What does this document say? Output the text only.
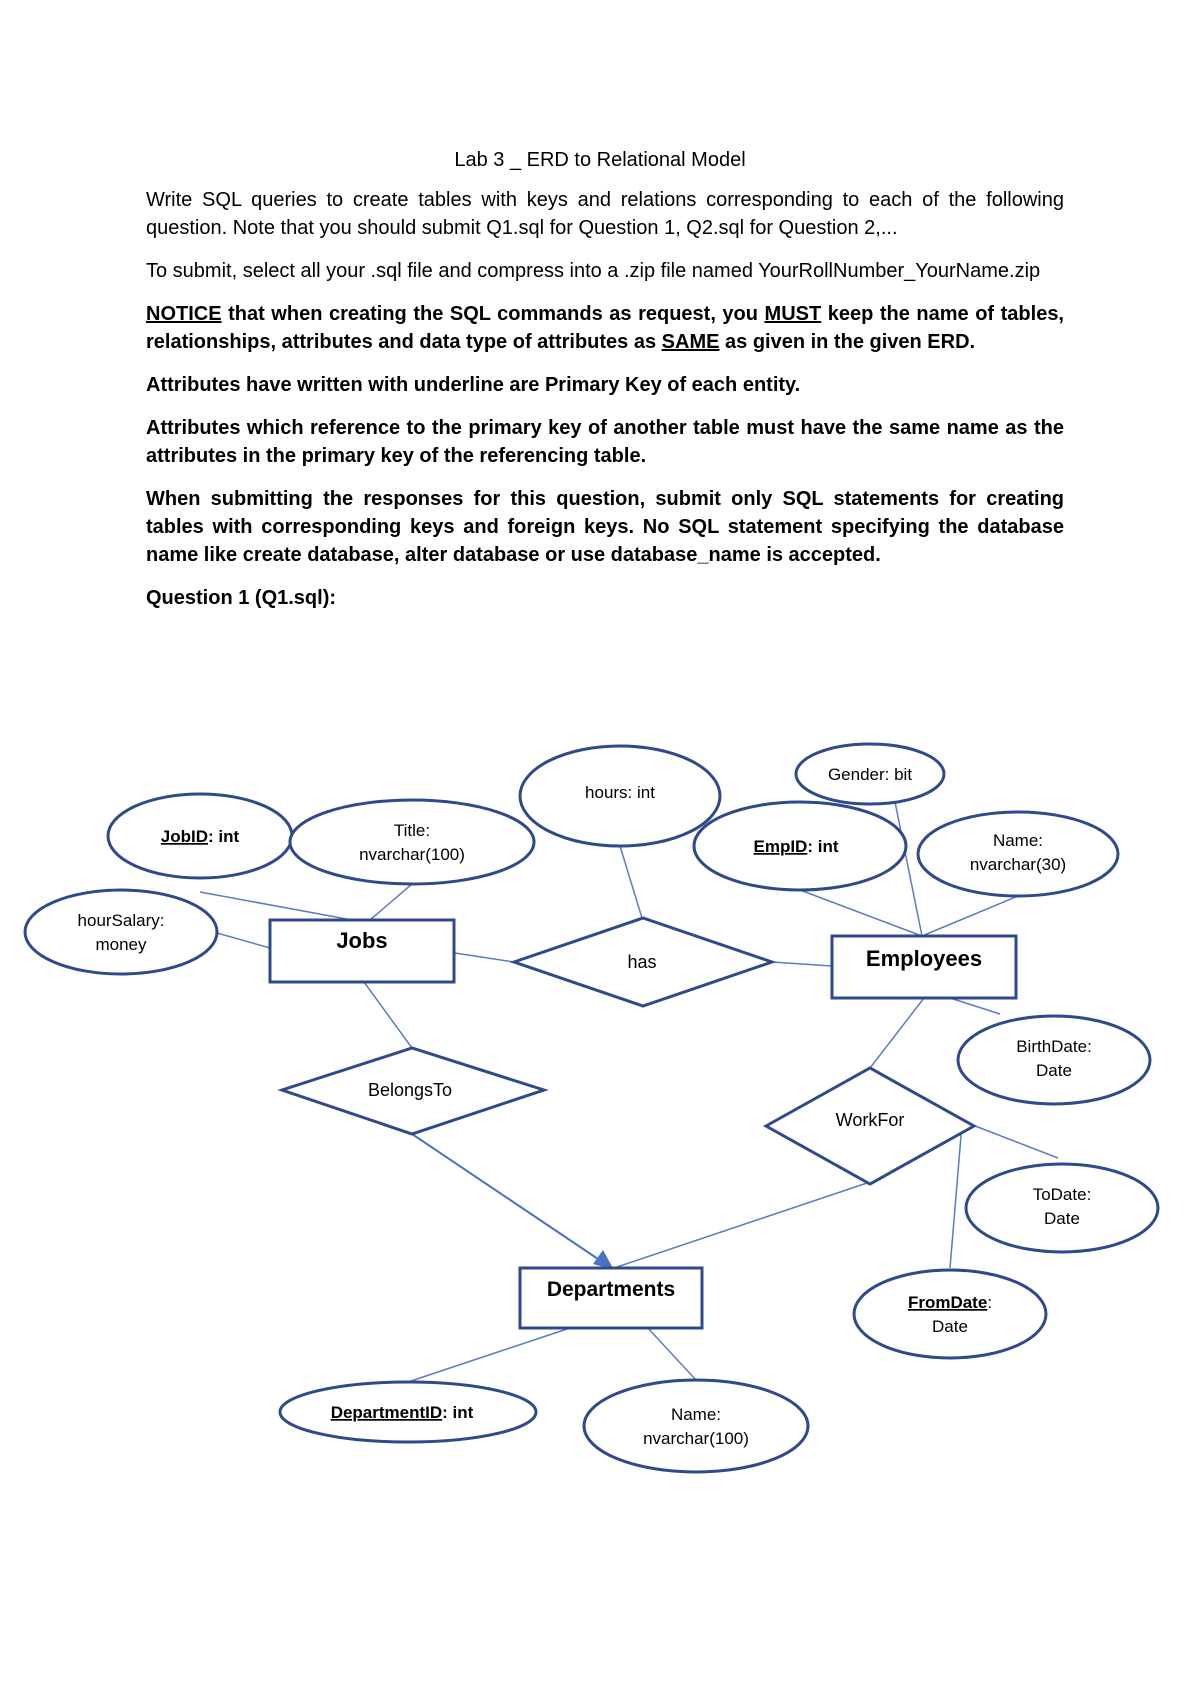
Lab 3 _ ERD to Relational Model

Write SQL queries to create tables with keys and relations corresponding to each of the following question. Note that you should submit Q1.sql for Question 1, Q2.sql for Question 2,...

To submit, select all your .sql file and compress into a .zip file named YourRollNumber_YourName.zip

NOTICE that when creating the SQL commands as request, you MUST keep the name of tables, relationships, attributes and data type of attributes as SAME as given in the given ERD.

Attributes have written with underline are Primary Key of each entity.

Attributes which reference to the primary key of another table must have the same name as the attributes in the primary key of the referencing table.

When submitting the responses for this question, submit only SQL statements for creating tables with corresponding keys and foreign keys. No SQL statement specifying the database name like create database, alter database or use database_name is accepted.

Question 1 (Q1.sql):

Jobs
Employees
Departments
has
BelongsTo
WorkFor
JobID: int	Title:
nvarchar(100)
hourSalary:
money
hours: int
Gender: bit
EmpID: int	Name:
nvarchar(30)
BirthDate:
Date
ToDate:
Date
FromDate:
Date
DepartmentID: int	Name:
nvarchar(100)
